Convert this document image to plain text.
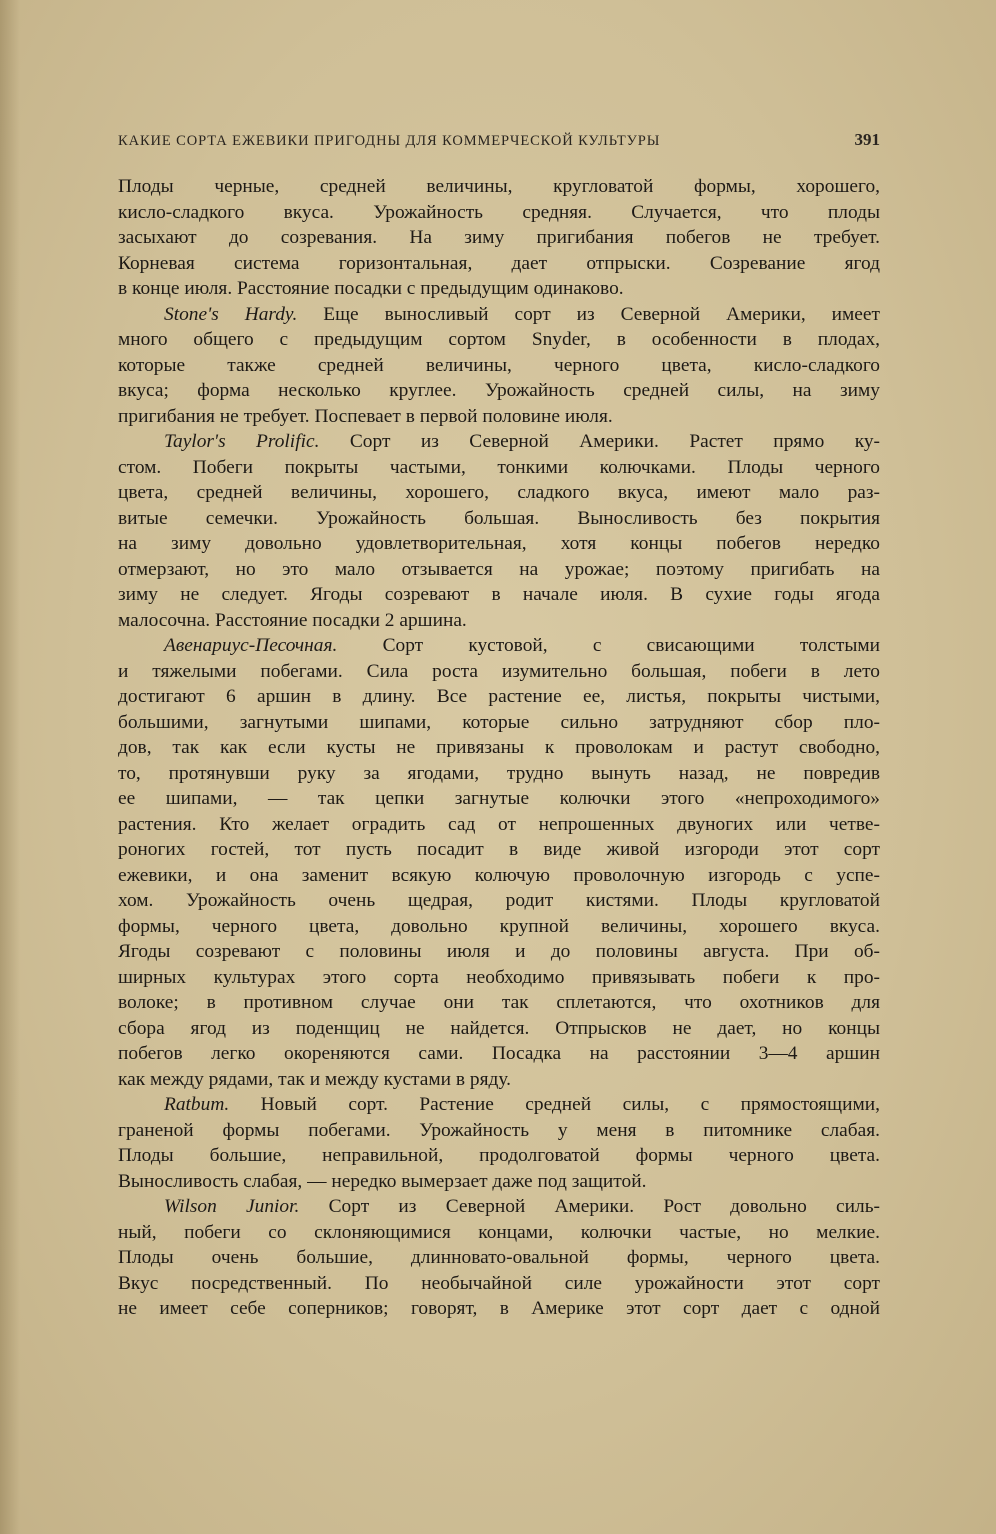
КАКИЕ СОРТА ЕЖЕВИКИ ПРИГОДНЫ ДЛЯ КОММЕРЧЕСКОЙ КУЛЬТУРЫ	391
Плоды черные, средней величины, кругловатой формы, хорошего,
кисло-сладкого вкуса. Урожайность средняя. Случается, что плоды
засыхают до созревания. На зиму пригибания побегов не требует.
Корневая система горизонтальная, дает отпрыски. Созревание ягод
в конце июля. Расстояние посадки с предыдущим одинаково.
Stone's Hardy. Еще выносливый сорт из Северной Америки, имеет
много общего с предыдущим сортом Snyder, в особенности в плодах,
которые также средней величины, черного цвета, кисло-сладкого
вкуса; форма несколько круглее. Урожайность средней силы, на зиму
пригибания не требует. Поспевает в первой половине июля.
Taylor's Prolific. Сорт из Северной Америки. Растет прямо ку-
стом. Побеги покрыты частыми, тонкими колючками. Плоды черного
цвета, средней величины, хорошего, сладкого вкуса, имеют мало раз-
витые семечки. Урожайность большая. Выносливость без покрытия
на зиму довольно удовлетворительная, хотя концы побегов нередко
отмерзают, но это мало отзывается на урожае; поэтому пригибать на
зиму не следует. Ягоды созревают в начале июля. В сухие годы ягода
малосочна. Расстояние посадки 2 аршина.
Авенариус-Песочная. Сорт кустовой, с свисающими толстыми
и тяжелыми побегами. Сила роста изумительно большая, побеги в лето
достигают 6 аршин в длину. Все растение ее, листья, покрыты чистыми,
большими, загнутыми шипами, которые сильно затрудняют сбор пло-
дов, так как если кусты не привязаны к проволокам и растут свободно,
то, протянувши руку за ягодами, трудно вынуть назад, не повредив
ее шипами, — так цепки загнутые колючки этого «непроходимого»
растения. Кто желает оградить сад от непрошенных двуногих или четве-
роногих гостей, тот пусть посадит в виде живой изгороди этот сорт
ежевики, и она заменит всякую колючую проволочную изгородь с успе-
хом. Урожайность очень щедрая, родит кистями. Плоды кругловатой
формы, черного цвета, довольно крупной величины, хорошего вкуса.
Ягоды созревают с половины июля и до половины августа. При об-
ширных культурах этого сорта необходимо привязывать побеги к про-
волоке; в противном случае они так сплетаются, что охотников для
сбора ягод из поденщиц не найдется. Отпрысков не дает, но концы
побегов легко окореняются сами. Посадка на расстоянии 3—4 аршин
как между рядами, так и между кустами в ряду.
Ratbum. Новый сорт. Растение средней силы, с прямостоящими,
граненой формы побегами. Урожайность у меня в питомнике слабая.
Плоды большие, неправильной, продолговатой формы черного цвета.
Выносливость слабая, — нередко вымерзает даже под защитой.
Wilson Junior. Сорт из Северной Америки. Рост довольно силь-
ный, побеги со склоняющимися концами, колючки частые, но мелкие.
Плоды очень большие, длинновато-овальной формы, черного цвета.
Вкус посредственный. По необычайной силе урожайности этот сорт
не имеет себе соперников; говорят, в Америке этот сорт дает с одной
